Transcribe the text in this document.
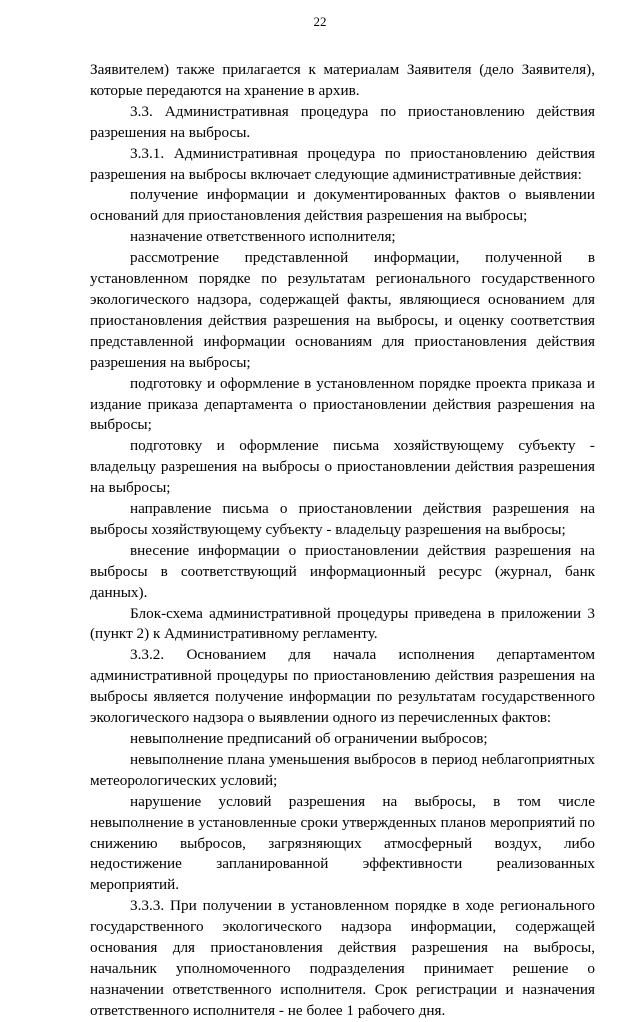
22

Заявителем) также прилагается к материалам Заявителя (дело Заявителя), которые передаются на хранение в архив.

3.3. Административная процедура по приостановлению действия разрешения на выбросы.

3.3.1. Административная процедура по приостановлению действия разрешения на выбросы включает следующие административные действия:

получение информации и документированных фактов о выявлении оснований для приостановления действия разрешения на выбросы;

назначение ответственного исполнителя;

рассмотрение представленной информации, полученной в установленном порядке по результатам регионального государственного экологического надзора, содержащей факты, являющиеся основанием для приостановления действия разрешения на выбросы, и оценку соответствия представленной информации основаниям для приостановления действия разрешения на выбросы;

подготовку и оформление в установленном порядке проекта приказа и издание приказа департамента о приостановлении действия разрешения на выбросы;

подготовку и оформление письма хозяйствующему субъекту - владельцу разрешения на выбросы о приостановлении действия разрешения на выбросы;

направление письма о приостановлении действия разрешения на выбросы хозяйствующему субъекту - владельцу разрешения на выбросы;

внесение информации о приостановлении действия разрешения на выбросы в соответствующий информационный ресурс (журнал, банк данных).

Блок-схема административной процедуры приведена в приложении 3 (пункт 2) к Административному регламенту.

3.3.2. Основанием для начала исполнения департаментом административной процедуры по приостановлению действия разрешения на выбросы является получение информации по результатам государственного экологического надзора о выявлении одного из перечисленных фактов:

невыполнение предписаний об ограничении выбросов;

невыполнение плана уменьшения выбросов в период неблагоприятных метеорологических условий;

нарушение условий разрешения на выбросы, в том числе невыполнение в установленные сроки утвержденных планов мероприятий по снижению выбросов, загрязняющих атмосферный воздух, либо недостижение запланированной эффективности реализованных мероприятий.

3.3.3. При получении в установленном порядке в ходе регионального государственного экологического надзора информации, содержащей основания для приостановления действия разрешения на выбросы, начальник уполномоченного подразделения принимает решение о назначении ответственного исполнителя. Срок регистрации и назначения ответственного исполнителя - не более 1 рабочего дня.
